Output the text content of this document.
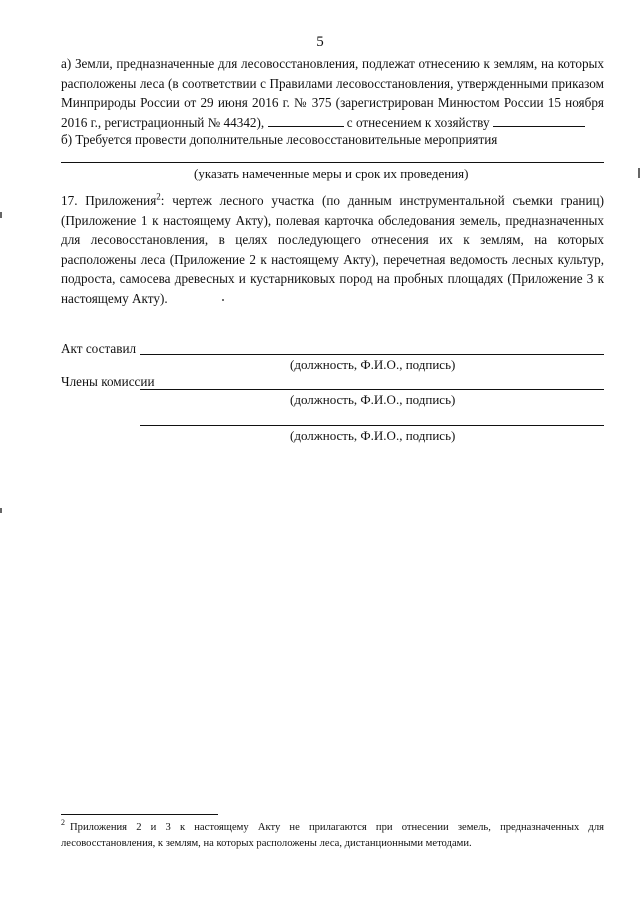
5

а) Земли, предназначенные для лесовосстановления, подлежат отнесению к землям, на которых расположены леса (в соответствии с Правилами лесовосстановления, утвержденными приказом Минприроды России от 29 июня 2016 г. № 375 (зарегистрирован Минюстом России 15 ноября 2016 г., регистрационный № 44342),	с отнесением к хозяйству

б) Требуется провести дополнительные лесовосстановительные мероприятия

(указать намеченные меры и срок их проведения)

17. Приложения$^2$: чертеж лесного участка (по данным инструментальной съемки границ) (Приложение 1 к настоящему Акту), полевая карточка обследования земель, предназначенных для лесовосстановления, в целях последующего отнесения их к землям, на которых расположены леса (Приложение 2 к настоящему Акту), перечетная ведомость лесных культур, подроста, самосева древесных и кустарниковых пород на пробных площадях (Приложение 3 к настоящему Акту).

Акт составил
(должность, Ф.И.О., подпись)
Члены комиссии
(должность, Ф.И.О., подпись)
(должность, Ф.И.О., подпись)

2 Приложения 2 и 3 к настоящему Акту не прилагаются при отнесении земель, предназначенных для лесовосстановления, к землям, на которых расположены леса, дистанционными методами.
